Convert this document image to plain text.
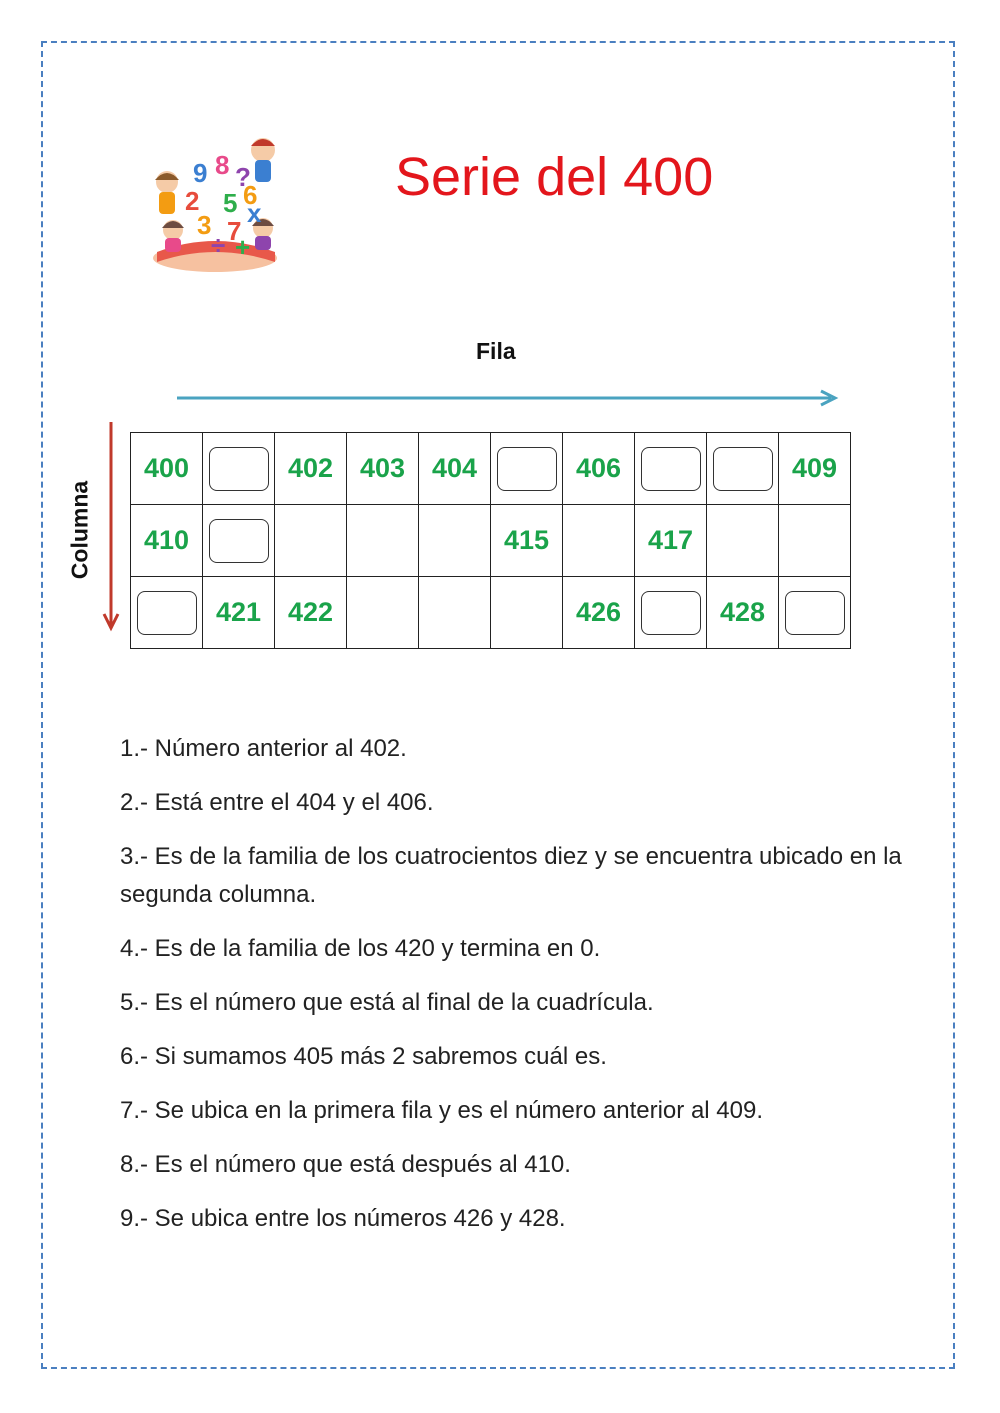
9 8 ?
2 5 6
3 7
x
÷ +
Serie del 400
Fila
Columna
400		402	403	404		406			409
410					415		417		
	421	422				426		428	

1.- Número anterior al 402.

2.- Está entre el 404 y el 406.

3.- Es de la familia de los cuatrocientos diez y se encuentra ubicado en la segunda columna.

4.- Es de la familia de los 420 y termina en 0.

5.- Es el número que está al final de la cuadrícula.

6.- Si sumamos 405 más 2 sabremos cuál es.

7.- Se ubica en la primera fila y es el número anterior al 409.

8.- Es el número que está después al 410.

9.- Se ubica entre los números 426 y 428.
